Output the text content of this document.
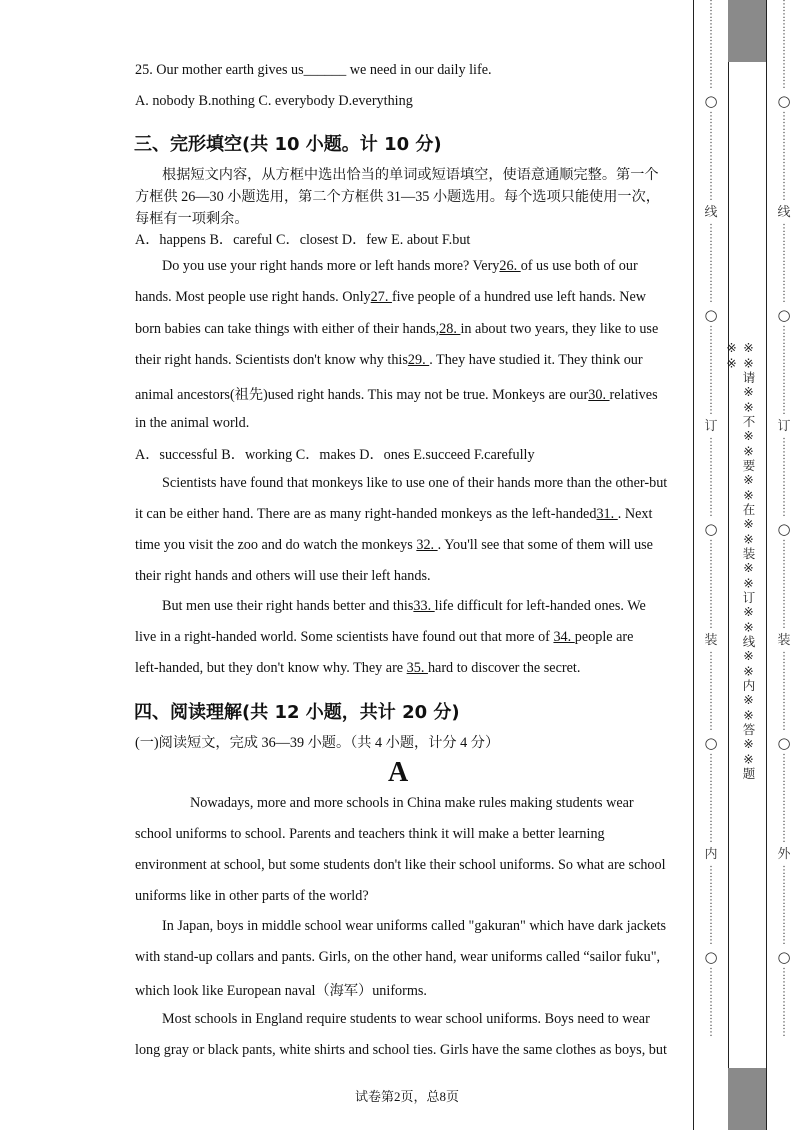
25. Our mother earth gives us______ we need in our daily life.
A. nobody B.nothing C. everybody D.everything
三、完形填空(共 10 小题。计 10 分)
根据短文内容，从方框中选出恰当的单词或短语填空，使语意通顺完整。第一个
方框供 26—30 小题选用，第二个方框供 31—35 小题选用。每个选项只能使用一次，
每框有一项剩余。
A．happens B．careful C．closest D．few E. about F.but
Do you use your right hands more or left hands more? Very26. of us use both of our
hands. Most people use right hands. Only27. five people of a hundred use left hands. New
born babies can take things with either of their hands,28. in about two years, they like to use
their right hands. Scientists don't know why this29. . They have studied it. They think our
animal ancestors(祖先)used right hands. This may not be true. Monkeys are our30. relatives
in the animal world.
A．successful B．working C．makes D．ones E.succeed F.carefully
Scientists have found that monkeys like to use one of their hands more than the other-but
it can be either hand. There are as many right-handed monkeys as the left-handed31. . Next
time you visit the zoo and do watch the monkeys 32. . You'll see that some of them will use
their right hands and others will use their left hands.
But men use their right hands better and this33. life difficult for left-handed ones. We
live in a right-handed world. Some scientists have found out that more of 34. people are
left-handed, but they don't know why. They are 35. hard to discover the secret.
四、阅读理解(共 12 小题，共计 20 分)
(一)阅读短文，完成 36—39 小题。（共 4 小题，计分 4 分）
A
Nowadays, more and more schools in China make rules making students wear
school uniforms to school. Parents and teachers think it will make a better learning
environment at school, but some students don't like their school uniforms. So what are school
uniforms like in other parts of the world?
In Japan, boys in middle school wear uniforms called "gakuran" which have dark jackets
with stand-up collars and pants. Girls, on the other hand, wear uniforms called “sailor fuku",
which look like European naval（海军）uniforms.
Most schools in England require students to wear school uniforms. Boys need to wear
long gray or black pants, white shirts and school ties. Girls have the same clothes as boys, but
试卷第2页，总8页
⋮
⋮
⋮
⋮
⋮
⋮
⋮
⋮
⋮
○
⋮
⋮
⋮
⋮
⋮
⋮
⋮
⋮
⋮
线
⋮
⋮
⋮
⋮
⋮
⋮
⋮
⋮
○
⋮
⋮
⋮
⋮
⋮
⋮
⋮
⋮
⋮
订
⋮
⋮
⋮
⋮
⋮
⋮
⋮
⋮
○
⋮
⋮
⋮
⋮
⋮
⋮
⋮
⋮
⋮
装
⋮
⋮
⋮
⋮
⋮
⋮
⋮
⋮
○
⋮
⋮
⋮
⋮
⋮
⋮
⋮
⋮
⋮
内
⋮
⋮
⋮
⋮
⋮
⋮
⋮
⋮
○
⋮
⋮
⋮
⋮
⋮
⋮
⋮
⋮
⋮
⋮
⋮
⋮
⋮
⋮
⋮
⋮
○
⋮
⋮
⋮
⋮
⋮
⋮
⋮
⋮
⋮
线
⋮
⋮
⋮
⋮
⋮
⋮
⋮
⋮
○
⋮
⋮
⋮
⋮
⋮
⋮
⋮
⋮
⋮
订
⋮
⋮
⋮
⋮
⋮
⋮
⋮
⋮
○
⋮
⋮
⋮
⋮
⋮
⋮
⋮
⋮
⋮
装
⋮
⋮
⋮
⋮
⋮
⋮
⋮
⋮
○
⋮
⋮
⋮
⋮
⋮
⋮
⋮
⋮
⋮
外
⋮
⋮
⋮
⋮
⋮
⋮
⋮
⋮
○
⋮
⋮
⋮
⋮
⋮
⋮
⋮
※※请※※不※※要※※在※※装※※订※※线※※内※※答※※题※※
